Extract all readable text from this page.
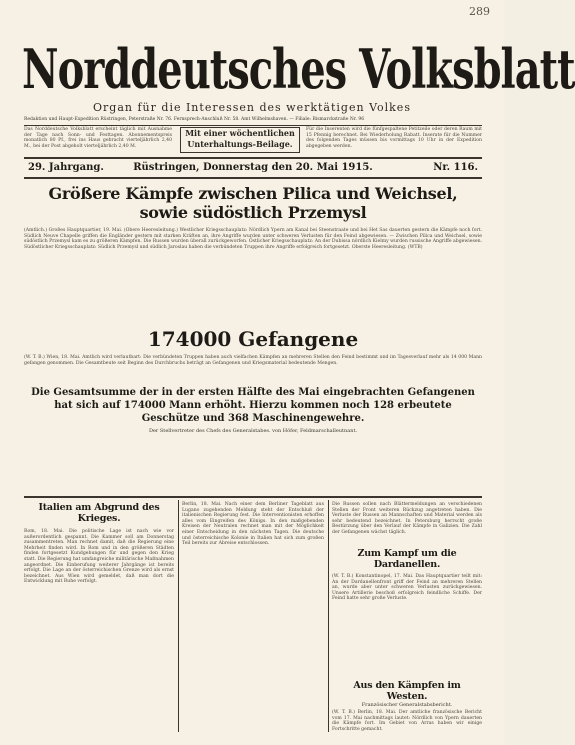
289
Norddeutsches Volksblatt
Organ für die Interessen des werktätigen Volkes
Redaktion und Haupt-Expedition Rüstringen, Peterstraße Nr. 76. Fernsprech-Anschluß Nr. 58. Amt Wilhelmshaven. — Filiale: Bismarckstraße Nr. 96
Das Norddeutsche Volksblatt erscheint täglich mit Ausnahme der Tage nach Sonn- und Festtagen. Abonnementspreis monatlich 80 Pf., frei ins Haus gebracht vierteljährlich 2,40 M., bei der Post abgeholt vierteljährlich 2,40 M.
Mit einer wöchentlichen Unterhaltungs-Beilage.
Für die Inserenten wird die fünfgespaltene Petitzeile oder deren Raum mit 15 Pfennig berechnet. Bei Wiederholung Rabatt. Inserate für die Nummer des folgenden Tages müssen bis vormittags 10 Uhr in der Expedition abgegeben werden.
29. Jahrgang.	Rüstringen, Donnerstag den 20. Mai 1915.	Nr. 116.
Größere Kämpfe zwischen Pilica und Weichsel, sowie südöstlich Przemysl
(Amtlich.) Großes Hauptquartier, 19. Mai. (Obere Heeresleitung.) Westlicher Kriegsschauplatz: Nördlich Ypern am Kanal bei Steenstraate und bei Het Sas dauerten gestern die Kämpfe noch fort. Südlich Neuve Chapelle griffen die Engländer gestern mit starken Kräften an, ihre Angriffe wurden unter schweren Verlusten für den Feind abgewiesen. — Zwischen Pilica und Weichsel, sowie südöstlich Przemysl kam es zu größeren Kämpfen. Die Russen wurden überall zurückgeworfen. Östlicher Kriegsschauplatz: An der Dubissa nördlich Kielmy wurden russische Angriffe abgewiesen. Südöstlicher Kriegsschauplatz: Südlich Przemysl und südlich Jaroslau haben die verbündeten Truppen ihre Angriffe erfolgreich fortgesetzt. Oberste Heeresleitung. (WTB)
174000 Gefangene
(W. T. B.) Wien, 18. Mai. Amtlich wird verlautbart: Die verbündeten Truppen haben auch vielfachen Kämpfen an mehreren Stellen den Feind bestimmt und im Tagesverlauf mehr als 14 000 Mann gefangen genommen. Die Gesamtbeute seit Beginn des Durchbruchs beträgt an Gefangenen und Kriegsmaterial bedeutende Mengen.
Die Gesamtsumme der in der ersten Hälfte des Mai eingebrachten Gefangenen hat sich auf 174000 Mann erhöht. Hierzu kommen noch 128 erbeutete Geschütze und 368 Maschinengewehre.
Der Stellvertreter des Chefs des Generalstabes. von Höfer, Feldmarschalleutnant.
Italien am Abgrund des Krieges.
Rom, 18. Mai. Die politische Lage ist nach wie vor außerordentlich gespannt. Die Kammer soll am Donnerstag zusammentreten. Man rechnet damit, daß die Regierung eine Mehrheit finden wird. In Rom und in den größeren Städten finden fortgesetzt Kundgebungen für und gegen den Krieg statt. Die Regierung hat umfangreiche militärische Maßnahmen angeordnet. Die Einberufung weiterer Jahrgänge ist bereits erfolgt. Die Lage an der österreichischen Grenze wird als ernst bezeichnet. Aus Wien wird gemeldet, daß man dort die Entwicklung mit Ruhe verfolgt.
Berlin, 18. Mai. Nach einer dem Berliner Tageblatt aus Lugano zugehenden Meldung steht der Entschluß der italienischen Regierung fest. Die Interventionisten erhoffen alles vom Eingreifen des Königs. In den maßgebenden Kreisen der Neutralen rechnet man mit der Möglichkeit einer Entscheidung in den nächsten Tagen. Die deutsche und österreichische Kolonie in Italien hat sich zum großen Teil bereits zur Abreise entschlossen.
Die Russen sollen nach Blättermeldungen an verschiedenen Stellen der Front weiteren Rückzug angetreten haben. Die Verluste der Russen an Mannschaften und Material werden als sehr bedeutend bezeichnet. In Petersburg herrscht große Bestürzung über den Verlauf der Kämpfe in Galizien. Die Zahl der Gefangenen wächst täglich.
Zum Kampf um die Dardanellen.
(W. T. B.) Konstantinopel, 17. Mai. Das Hauptquartier teilt mit: An der Dardanellenfront griff der Feind an mehreren Stellen an, wurde aber unter schweren Verlusten zurückgewiesen. Unsere Artillerie beschoß erfolgreich feindliche Schiffe. Der Feind hatte sehr große Verluste.
Aus den Kämpfen im Westen.
Französischer Generalstabsbericht.
(W. T. B.) Berlin, 18. Mai. Der amtliche französische Bericht vom 17. Mai nachmittags lautet: Nördlich von Ypern dauerten die Kämpfe fort. Im Gebiet von Arras haben wir einige Fortschritte gemacht.
